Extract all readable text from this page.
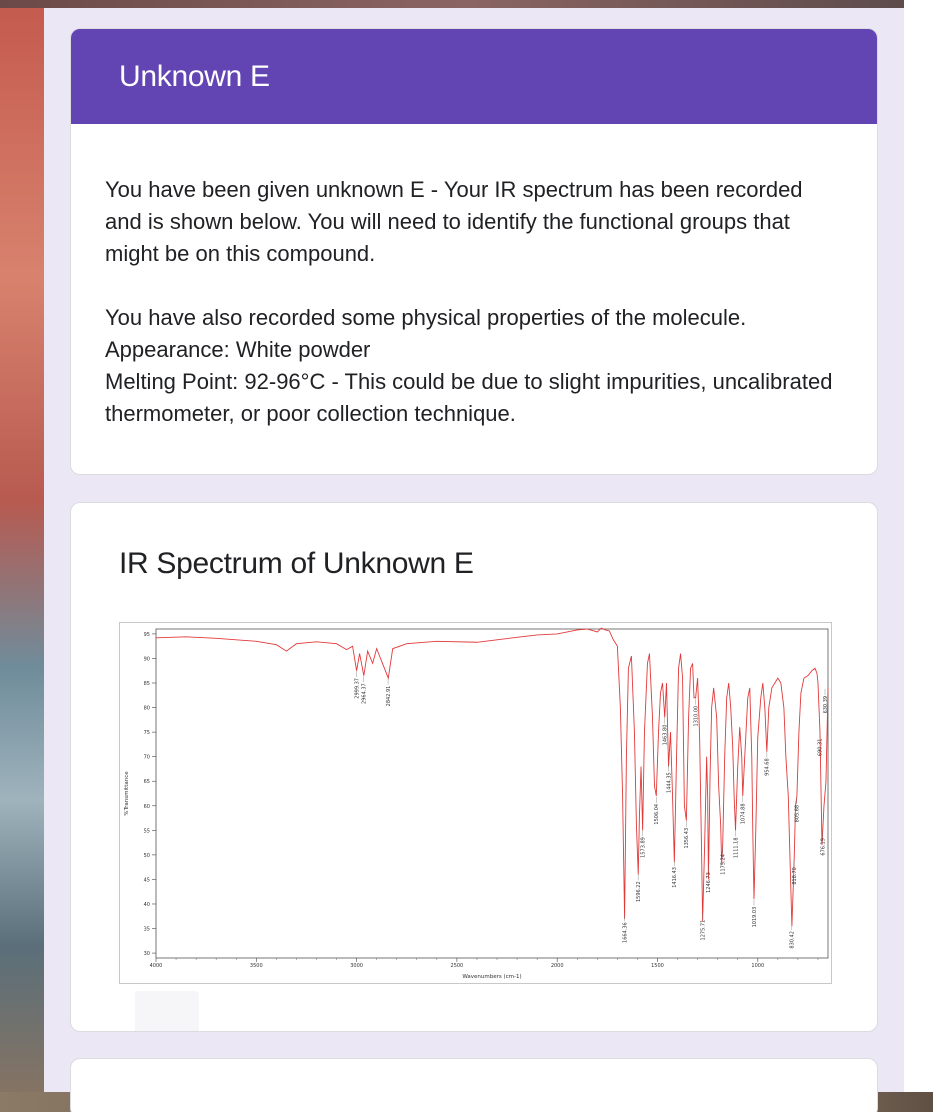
Unknown E

You have been given unknown E - Your IR spectrum has been recorded and is shown below. You will need to identify the functional groups that might be on this compound.

You have also recorded some physical properties of the molecule.

Appearance: White powder

Melting Point: 92-96°C - This could be due to slight impurities, uncalibrated thermometer, or poor collection technique.

IR Spectrum of Unknown E
30
35
40
45
50
55
60
65
70
75
80
85
90
95
4000	3500	3000	2500	2000	1500	1000
Wavenumbers (cm-1)
%Transmittance
2999.37 2964.37	2842.91
1664.36
1596.22
1573.89
1506.04
1463.80
1444.35
1416.43
1356.43
1310.00
1275.71
1246.73
1175.24
1111.18
1074.88
1019.03
954.68
830.42
818.70
805.68
690.31
676.19
630.39
